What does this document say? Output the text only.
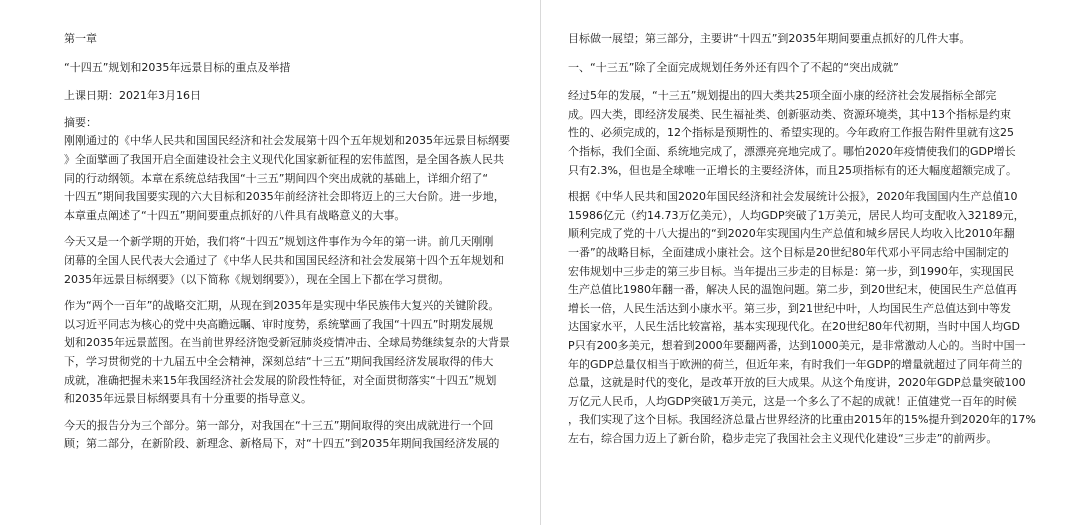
第一章
“十四五”规划和2035年远景目标的重点及举措
上课日期：2021年3月16日
摘要：
刚刚通过的《中华人民共和国国民经济和社会发展第十四个五年规划和2035年远景目标纲要
》全面擘画了我国开启全面建设社会主义现代化国家新征程的宏伟蓝图，是全国各族人民共
同的行动纲领。本章在系统总结我国“十三五”期间四个突出成就的基础上，详细介绍了“
十四五”期间我国要实现的六大目标和2035年前经济社会即将迈上的三大台阶。进一步地，
本章重点阐述了“十四五”期间要重点抓好的八件具有战略意义的大事。
今天又是一个新学期的开始，我们将“十四五”规划这件事作为今年的第一讲。前几天刚刚
闭幕的全国人民代表大会通过了《中华人民共和国国民经济和社会发展第十四个五年规划和
2035年远景目标纲要》（以下简称《规划纲要》），现在全国上下都在学习贯彻。
作为“两个一百年”的战略交汇期，从现在到2035年是实现中华民族伟大复兴的关键阶段。
以习近平同志为核心的党中央高瞻远瞩、审时度势，系统擘画了我国“十四五”时期发展规
划和2035年远景蓝图。在当前世界经济饱受新冠肺炎疫情冲击、全球局势继续复杂的大背景
下，学习贯彻党的十九届五中全会精神，深刻总结“十三五”期间我国经济发展取得的伟大
成就，准确把握未来15年我国经济社会发展的阶段性特征，对全面贯彻落实“十四五”规划
和2035年远景目标纲要具有十分重要的指导意义。
今天的报告分为三个部分。第一部分，对我国在“十三五”期间取得的突出成就进行一个回
顾；第二部分，在新阶段、新理念、新格局下，对“十四五”到2035年期间我国经济发展的
目标做一展望；第三部分，主要讲“十四五”到2035年期间要重点抓好的几件大事。
一、“十三五”除了全面完成规划任务外还有四个了不起的“突出成就”
经过5年的发展，“十三五”规划提出的四大类共25项全面小康的经济社会发展指标全部完
成。四大类，即经济发展类、民生福祉类、创新驱动类、资源环境类，其中13个指标是约束
性的、必须完成的，12个指标是预期性的、希望实现的。今年政府工作报告附件里就有这25
个指标，我们全面、系统地完成了，漂漂亮亮地完成了。哪怕2020年疫情使我们的GDP增长
只有2.3%，但也是全球唯一正增长的主要经济体，而且25项指标有的还大幅度超额完成了。
根据《中华人民共和国2020年国民经济和社会发展统计公报》，2020年我国国内生产总值10
15986亿元（约14.73万亿美元），人均GDP突破了1万美元，居民人均可支配收入32189元，
顺利完成了党的十八大提出的“到2020年实现国内生产总值和城乡居民人均收入比2010年翻
一番”的战略目标，全面建成小康社会。这个目标是20世纪80年代邓小平同志给中国制定的
宏伟规划中三步走的第三步目标。当年提出三步走的目标是：第一步，到1990年，实现国民
生产总值比1980年翻一番，解决人民的温饱问题。第二步，到20世纪末，使国民生产总值再
增长一倍，人民生活达到小康水平。第三步，到21世纪中叶，人均国民生产总值达到中等发
达国家水平，人民生活比较富裕，基本实现现代化。在20世纪80年代初期，当时中国人均GD
P只有200多美元，想着到2000年要翻两番，达到1000美元，是非常激动人心的。当时中国一
年的GDP总量仅相当于欧洲的荷兰，但近年来，有时我们一年GDP的增量就超过了同年荷兰的
总量，这就是时代的变化，是改革开放的巨大成果。从这个角度讲，2020年GDP总量突破100
万亿元人民币，人均GDP突破1万美元，这是一个多么了不起的成就！正值建党一百年的时候
，我们实现了这个目标。我国经济总量占世界经济的比重由2015年的15%提升到2020年的17%
左右，综合国力迈上了新台阶，稳步走完了我国社会主义现代化建设“三步走”的前两步。
